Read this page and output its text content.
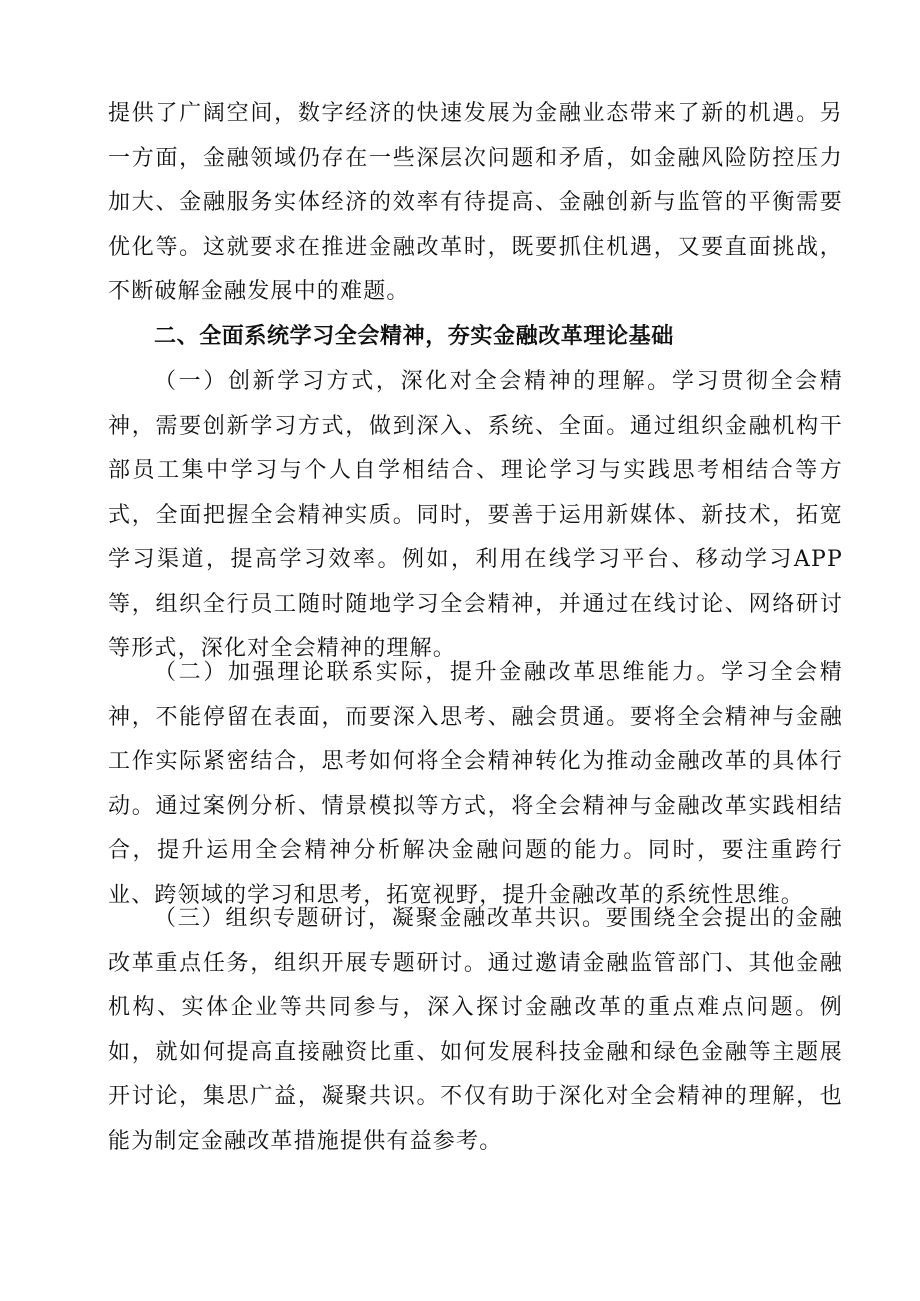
提供了广阔空间，数字经济的快速发展为金融业态带来了新的机遇。另一方面，金融领域仍存在一些深层次问题和矛盾，如金融风险防控压力加大、金融服务实体经济的效率有待提高、金融创新与监管的平衡需要优化等。这就要求在推进金融改革时，既要抓住机遇，又要直面挑战，不断破解金融发展中的难题。

二、全面系统学习全会精神，夯实金融改革理论基础

（一）创新学习方式，深化对全会精神的理解。学习贯彻全会精神，需要创新学习方式，做到深入、系统、全面。通过组织金融机构干部员工集中学习与个人自学相结合、理论学习与实践思考相结合等方式，全面把握全会精神实质。同时，要善于运用新媒体、新技术，拓宽学习渠道，提高学习效率。例如，利用在线学习平台、移动学习APP等，组织全行员工随时随地学习全会精神，并通过在线讨论、网络研讨等形式，深化对全会精神的理解。

（二）加强理论联系实际，提升金融改革思维能力。学习全会精神，不能停留在表面，而要深入思考、融会贯通。要将全会精神与金融工作实际紧密结合，思考如何将全会精神转化为推动金融改革的具体行动。通过案例分析、情景模拟等方式，将全会精神与金融改革实践相结合，提升运用全会精神分析解决金融问题的能力。同时，要注重跨行业、跨领域的学习和思考，拓宽视野，提升金融改革的系统性思维。

（三）组织专题研讨，凝聚金融改革共识。要围绕全会提出的金融改革重点任务，组织开展专题研讨。通过邀请金融监管部门、其他金融机构、实体企业等共同参与，深入探讨金融改革的重点难点问题。例如，就如何提高直接融资比重、如何发展科技金融和绿色金融等主题展开讨论，集思广益，凝聚共识。不仅有助于深化对全会精神的理解，也能为制定金融改革措施提供有益参考。
